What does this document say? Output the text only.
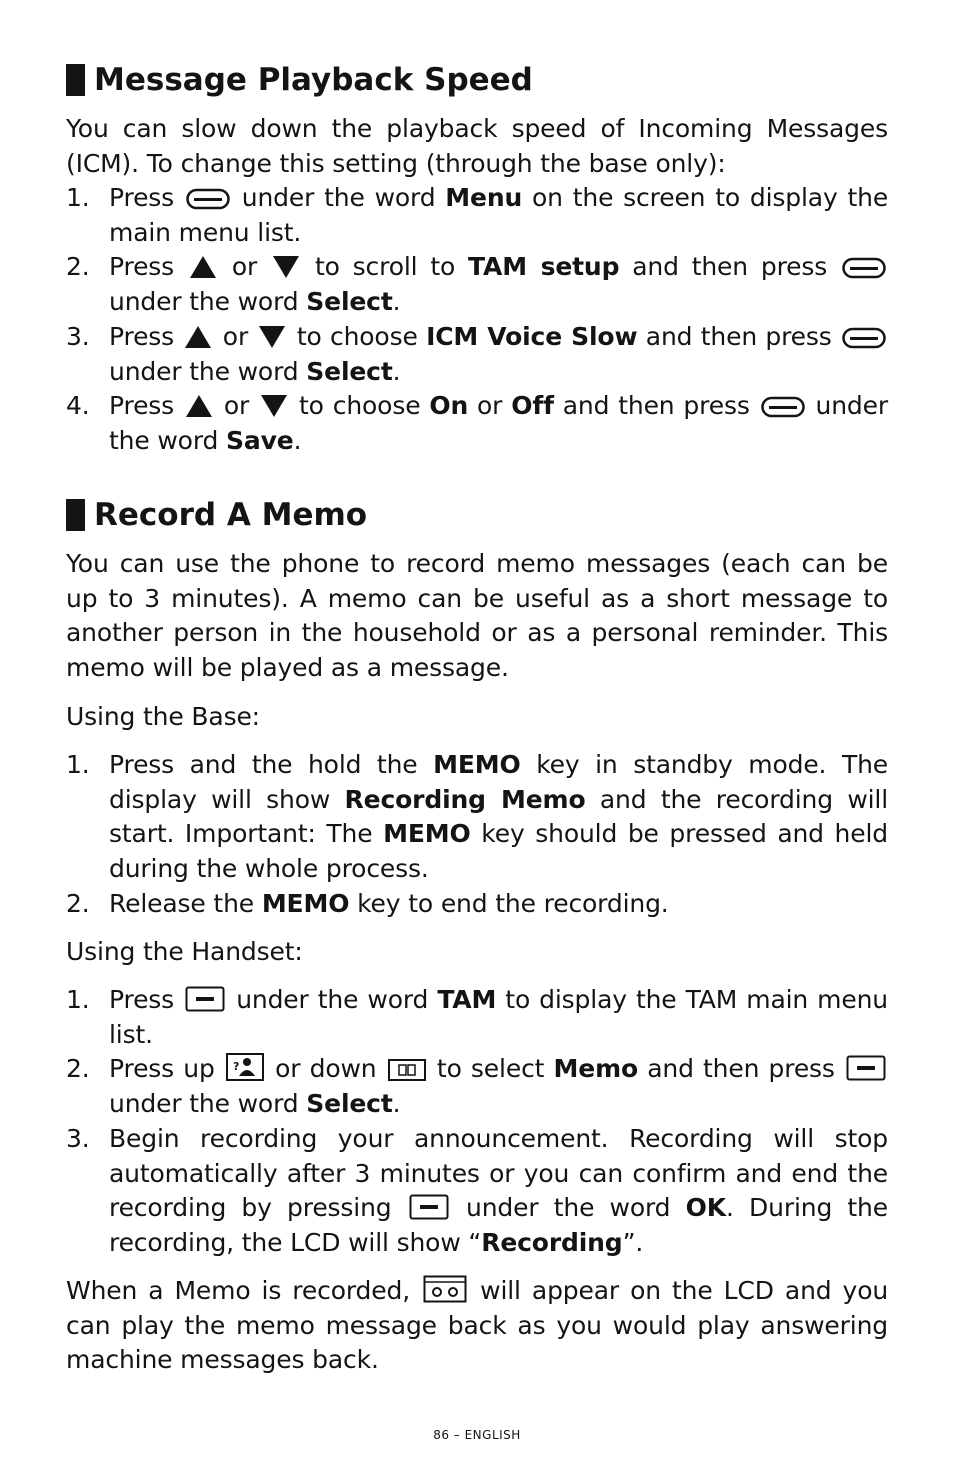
Message Playback Speed

You can slow down the playback speed of Incoming Messages (ICM). To change this setting (through the base only):

1. Press	under the word Menu on the screen to display the main menu list.
2. Press or to scroll to TAM setup and then press  under the word Select.
3. Press or to choose ICM Voice Slow and then press  under the word Select.
4. Press or to choose On or Off and then press	under the word Save.
Record A Memo

You can use the phone to record memo messages (each can be up to 3 minutes). A memo can be useful as a short message to another person in the household or as a personal reminder. This memo will be played as a message.

Using the Base:

1. Press and the hold the MEMO key in standby mode. The display will show Recording Memo and the recording will start. Important: The MEMO key should be pressed and held during the whole process.
2. Release the MEMO key to end the recording.

Using the Handset:

1. Press under the word TAM to display the TAM main menu list.
2. Press up ? or down to select Memo and then press  under the word Select.
3. Begin recording your announcement. Recording will stop automatically after 3 minutes or you can confirm and end the recording by pressing	under the word OK. During the recording, the LCD will show “Recording”.

When a Memo is recorded,	will appear on the LCD and you can play the memo message back as you would play answering machine messages back.

86 – ENGLISH
